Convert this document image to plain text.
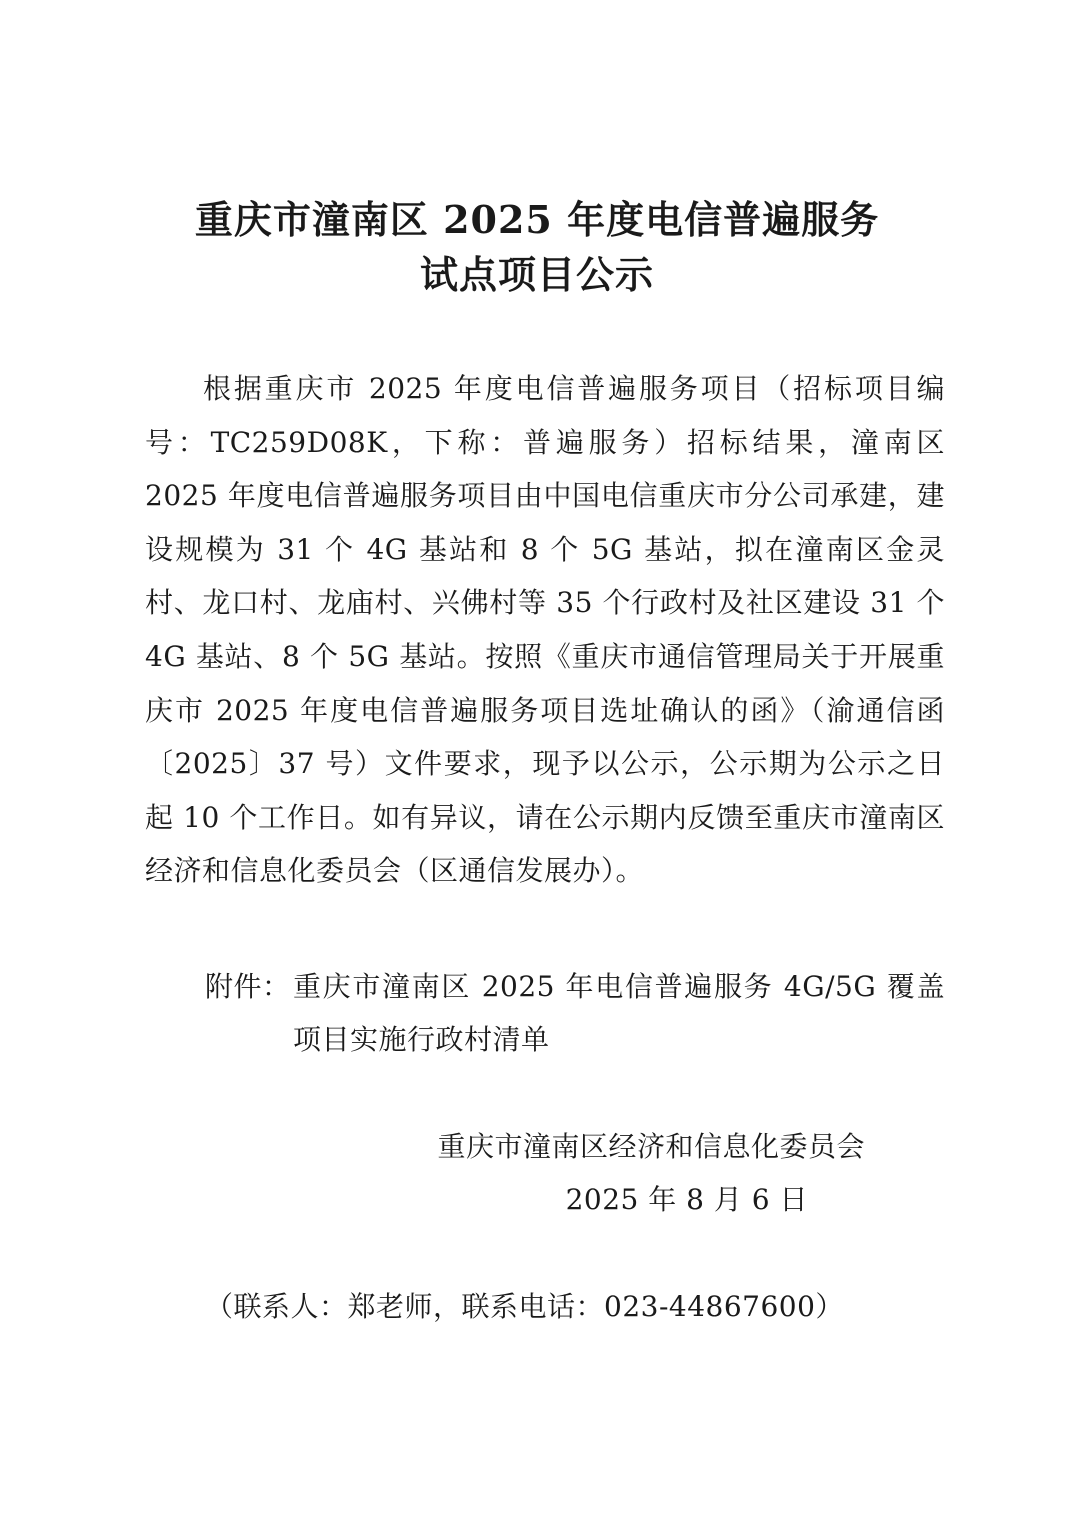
重庆市潼南区 2025 年度电信普遍服务
试点项目公示
根据重庆市 2025 年度电信普遍服务项目（招标项目编号：TC259D08K，下称：普遍服务）招标结果，潼南区 2025 年度电信普遍服务项目由中国电信重庆市分公司承建，建设规模为 31 个 4G 基站和 8 个 5G 基站，拟在潼南区金灵村、龙口村、龙庙村、兴佛村等 35 个行政村及社区建设 31 个 4G 基站、8 个 5G 基站。按照《重庆市通信管理局关于开展重庆市 2025 年度电信普遍服务项目选址确认的函》（渝通信函〔2025〕37 号）文件要求，现予以公示，公示期为公示之日起 10 个工作日。如有异议，请在公示期内反馈至重庆市潼南区经济和信息化委员会（区通信发展办）。
附件： 重庆市潼南区 2025 年电信普遍服务 4G/5G 覆盖项目实施行政村清单
重庆市潼南区经济和信息化委员会
2025 年 8 月 6 日
（联系人：郑老师，联系电话：023-44867600）
